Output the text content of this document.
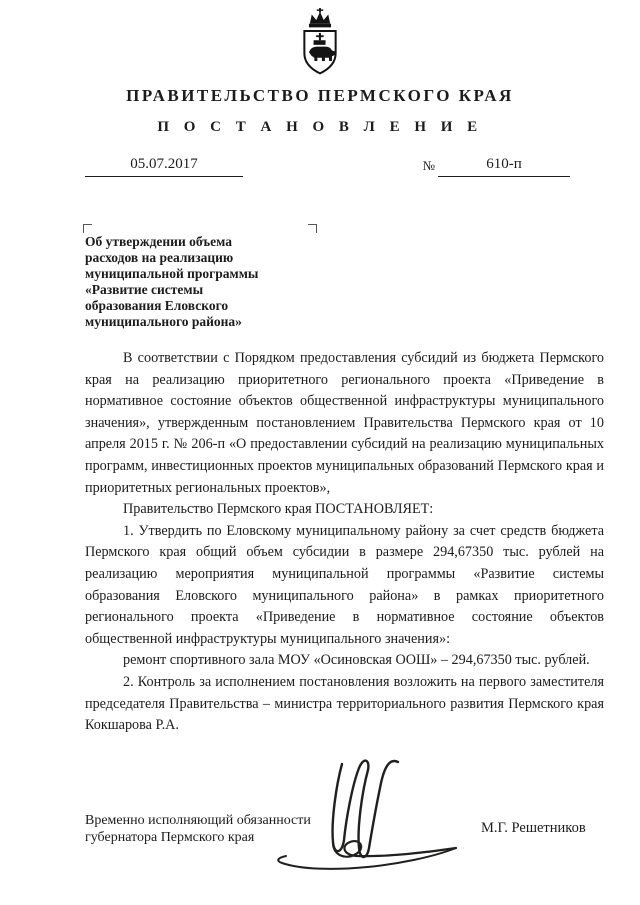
ПРАВИТЕЛЬСТВО ПЕРМСКОГО КРАЯ
П О С Т А Н О В Л Е Н И Е
05.07.2017	№	610-п
Об утверждении объема
расходов на реализацию
муниципальной программы
«Развитие системы
образования Еловского
муниципального района»

В соответствии с Порядком предоставления субсидий из бюджета Пермского края на реализацию приоритетного регионального проекта «Приведение в нормативное состояние объектов общественной инфраструктуры муниципального значения», утвержденным постановлением Правительства Пермского края от 10 апреля 2015 г. № 206-п «О предоставлении субсидий на реализацию муниципальных программ, инвестиционных проектов муниципальных образований Пермского края и приоритетных региональных проектов»,

Правительство Пермского края ПОСТАНОВЛЯЕТ:

1. Утвердить по Еловскому муниципальному району за счет средств бюджета Пермского края общий объем субсидии в размере 294,67350 тыс. рублей на реализацию мероприятия муниципальной программы «Развитие системы образования Еловского муниципального района» в рамках приоритетного регионального проекта «Приведение в нормативное состояние объектов общественной инфраструктуры муниципального значения»:

ремонт спортивного зала МОУ «Осиновская ООШ» – 294,67350 тыс. рублей.

2. Контроль за исполнением постановления возложить на первого заместителя председателя Правительства – министра территориального развития Пермского края Кокшарова Р.А.

Временно исполняющий обязанности
губернатора Пермского края
М.Г. Решетников
